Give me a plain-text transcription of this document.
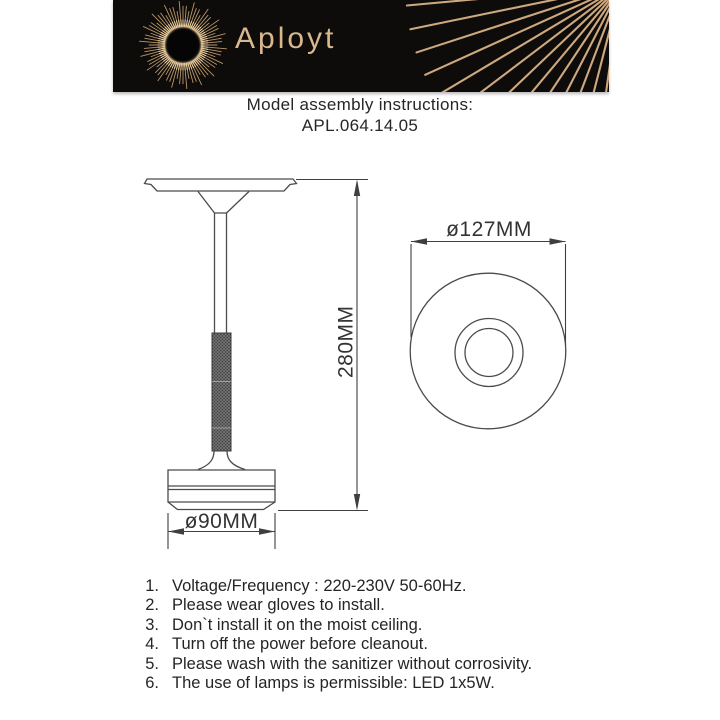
Aployt
Model assembly instructions:
APL.064.14.05
280MM
ø90MM
ø127MM
1. Voltage/Frequency : 220-230V 50-60Hz.
2. Please wear gloves to install.
3. Don`t install it on the moist ceiling.
4. Turn off the power before cleanout.
5. Please wash with the sanitizer without corrosivity.
6. The use of lamps is permissible: LED 1x5W.
